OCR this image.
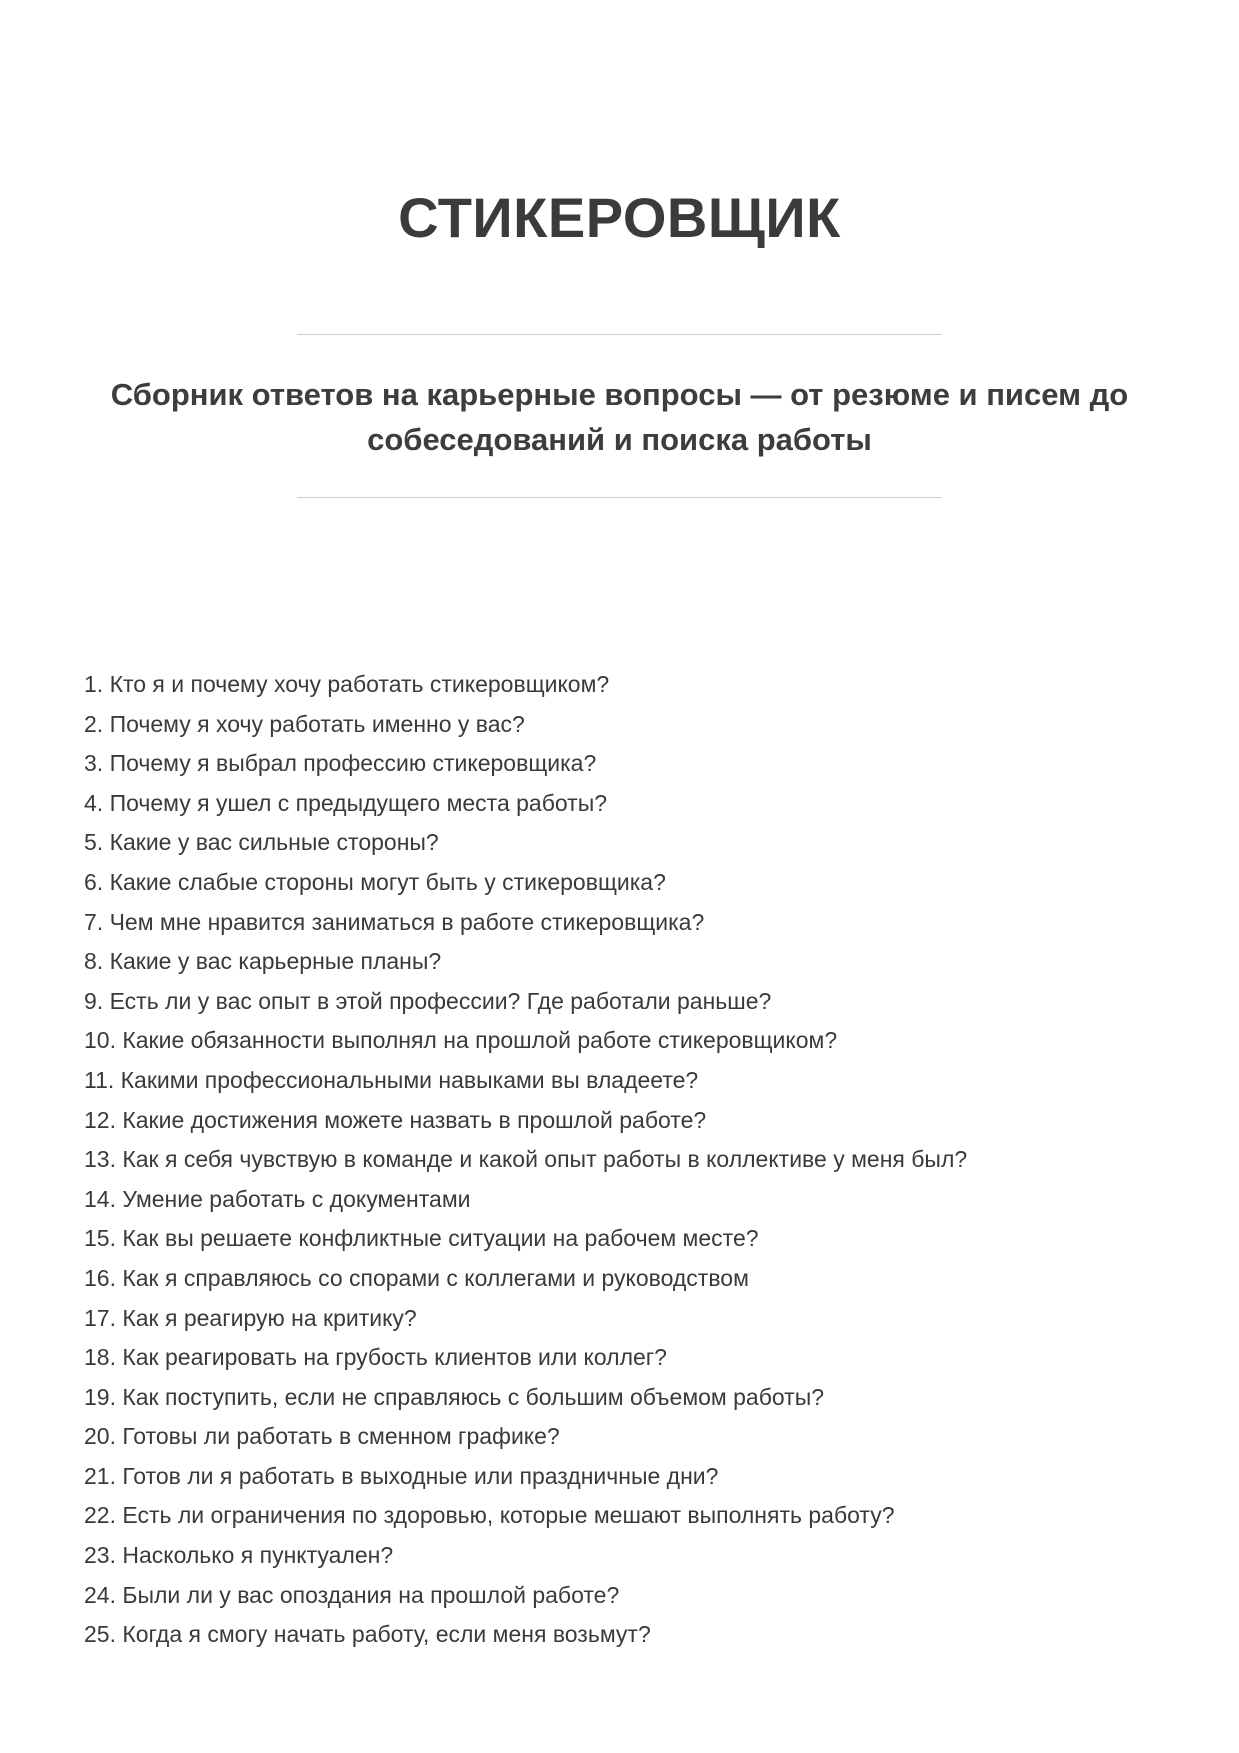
СТИКЕРОВЩИК
Сборник ответов на карьерные вопросы — от резюме и писем до собеседований и поиска работы
1. Кто я и почему хочу работать стикеровщиком?
2. Почему я хочу работать именно у вас?
3. Почему я выбрал профессию стикеровщика?
4. Почему я ушел с предыдущего места работы?
5. Какие у вас сильные стороны?
6. Какие слабые стороны могут быть у стикеровщика?
7. Чем мне нравится заниматься в работе стикеровщика?
8. Какие у вас карьерные планы?
9. Есть ли у вас опыт в этой профессии? Где работали раньше?
10. Какие обязанности выполнял на прошлой работе стикеровщиком?
11. Какими профессиональными навыками вы владеете?
12. Какие достижения можете назвать в прошлой работе?
13. Как я себя чувствую в команде и какой опыт работы в коллективе у меня был?
14. Умение работать с документами
15. Как вы решаете конфликтные ситуации на рабочем месте?
16. Как я справляюсь со спорами с коллегами и руководством
17. Как я реагирую на критику?
18. Как реагировать на грубость клиентов или коллег?
19. Как поступить, если не справляюсь с большим объемом работы?
20. Готовы ли работать в сменном графике?
21. Готов ли я работать в выходные или праздничные дни?
22. Есть ли ограничения по здоровью, которые мешают выполнять работу?
23. Насколько я пунктуален?
24. Были ли у вас опоздания на прошлой работе?
25. Когда я смогу начать работу, если меня возьмут?
